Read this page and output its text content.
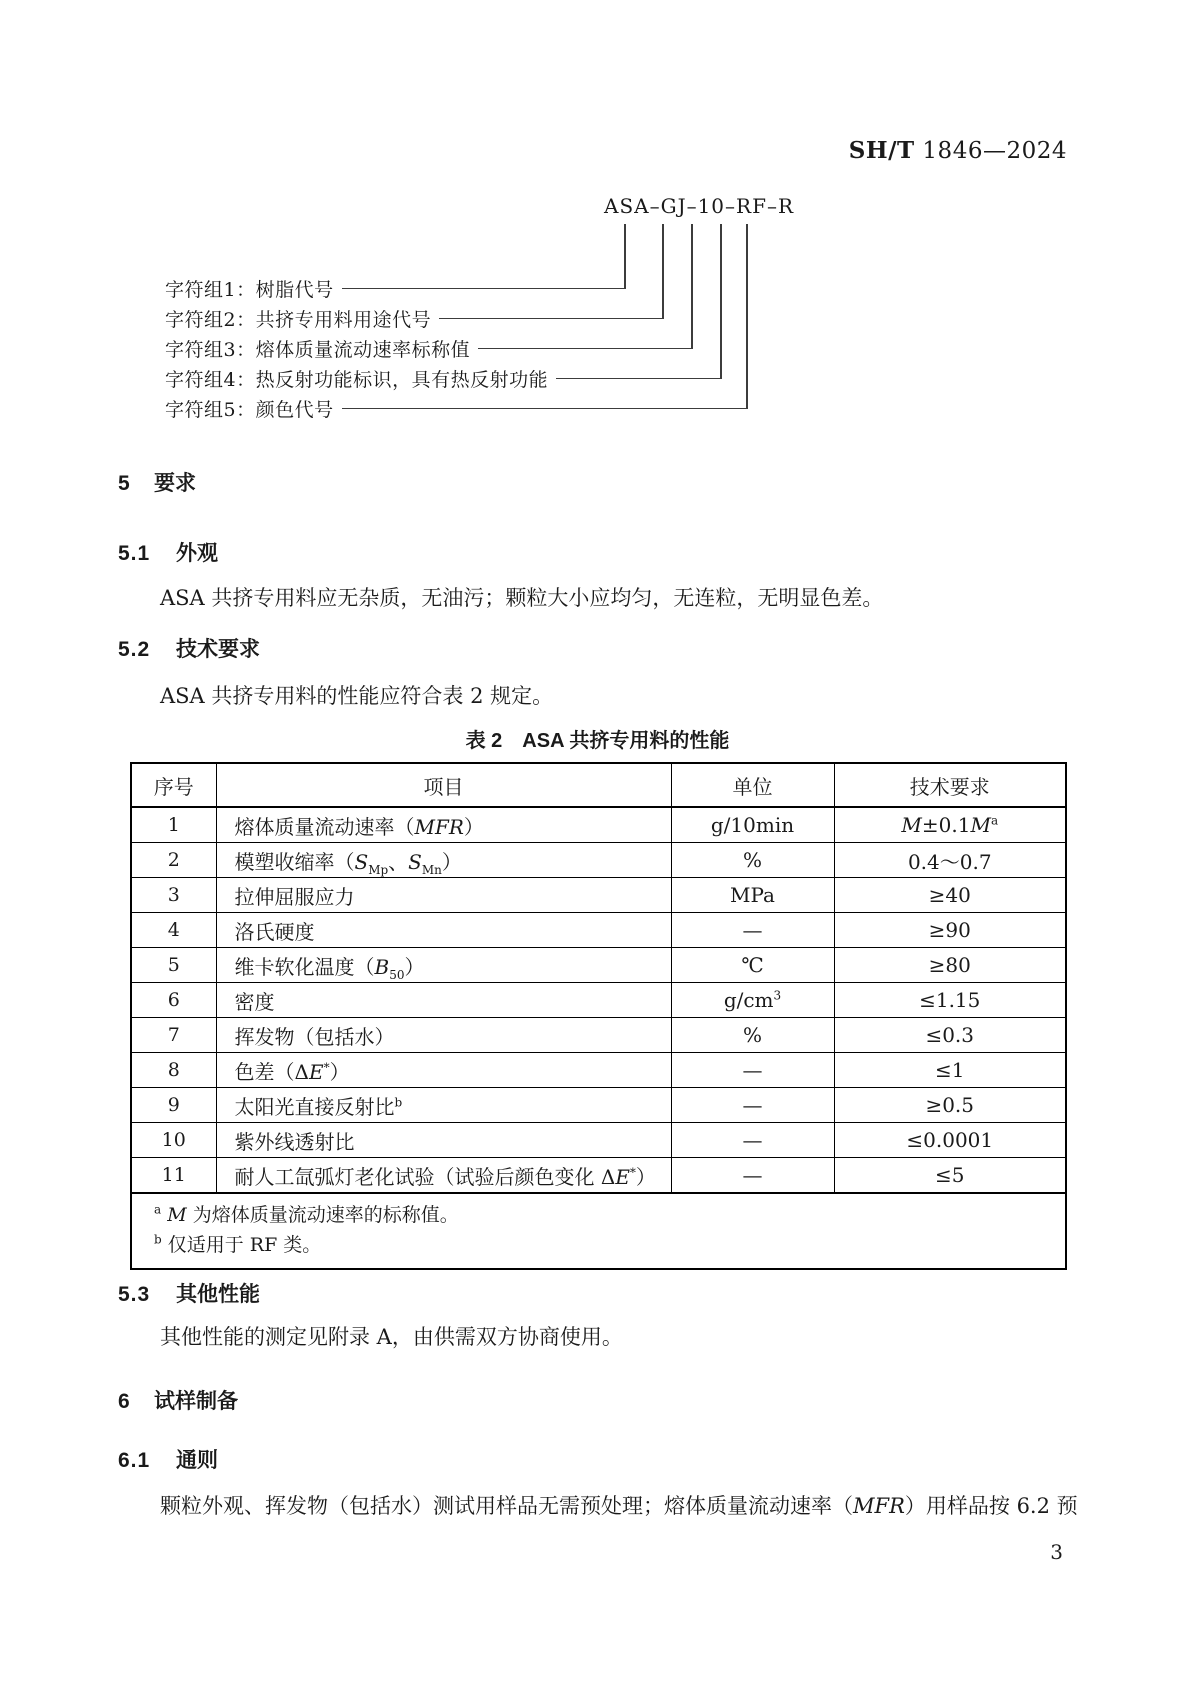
SH/T 1846—2024
ASA–GJ–10–RF–R
字符组1：树脂代号
字符组2：共挤专用料用途代号
字符组3：熔体质量流动速率标称值
字符组4：热反射功能标识，具有热反射功能
字符组5：颜色代号
5 要求
5.1 外观
ASA 共挤专用料应无杂质，无油污；颗粒大小应均匀，无连粒，无明显色差。
5.2 技术要求
ASA 共挤专用料的性能应符合表 2 规定。
表 2　ASA 共挤专用料的性能
序号	项目	单位	技术要求
1	熔体质量流动速率（MFR）	g/10min	$M\pm 0.1M^a$
2	模塑收缩率（$S_{Mp}$、$S_{Mn}$）	%	0.4～0.7
3	拉伸屈服应力	MPa	≥40
4	洛氏硬度	—	≥90
5	维卡软化温度$(B_{50})$	℃	≥80
6	密度	$g/cm^3$	≤1.15
7	挥发物（包括水）	%	≤0.3
8	色差（ΔE*）	—	≤1
9	太阳光直接反射比$^b$	—	≥0.5
10	紫外线透射比	—	≤0.0001
11	耐人工氙弧灯老化试验（试验后颜色变化 ΔE*）	—	≤5

$^a$ M 为熔体质量流动速率的标称值。
$^b$ 仅适用于 RF 类。			
5.3 其他性能
其他性能的测定见附录 A，由供需双方协商使用。
6 试样制备
6.1 通则
颗粒外观、挥发物（包括水）测试用样品无需预处理；熔体质量流动速率（MFR）用样品按 6.2 预
3
